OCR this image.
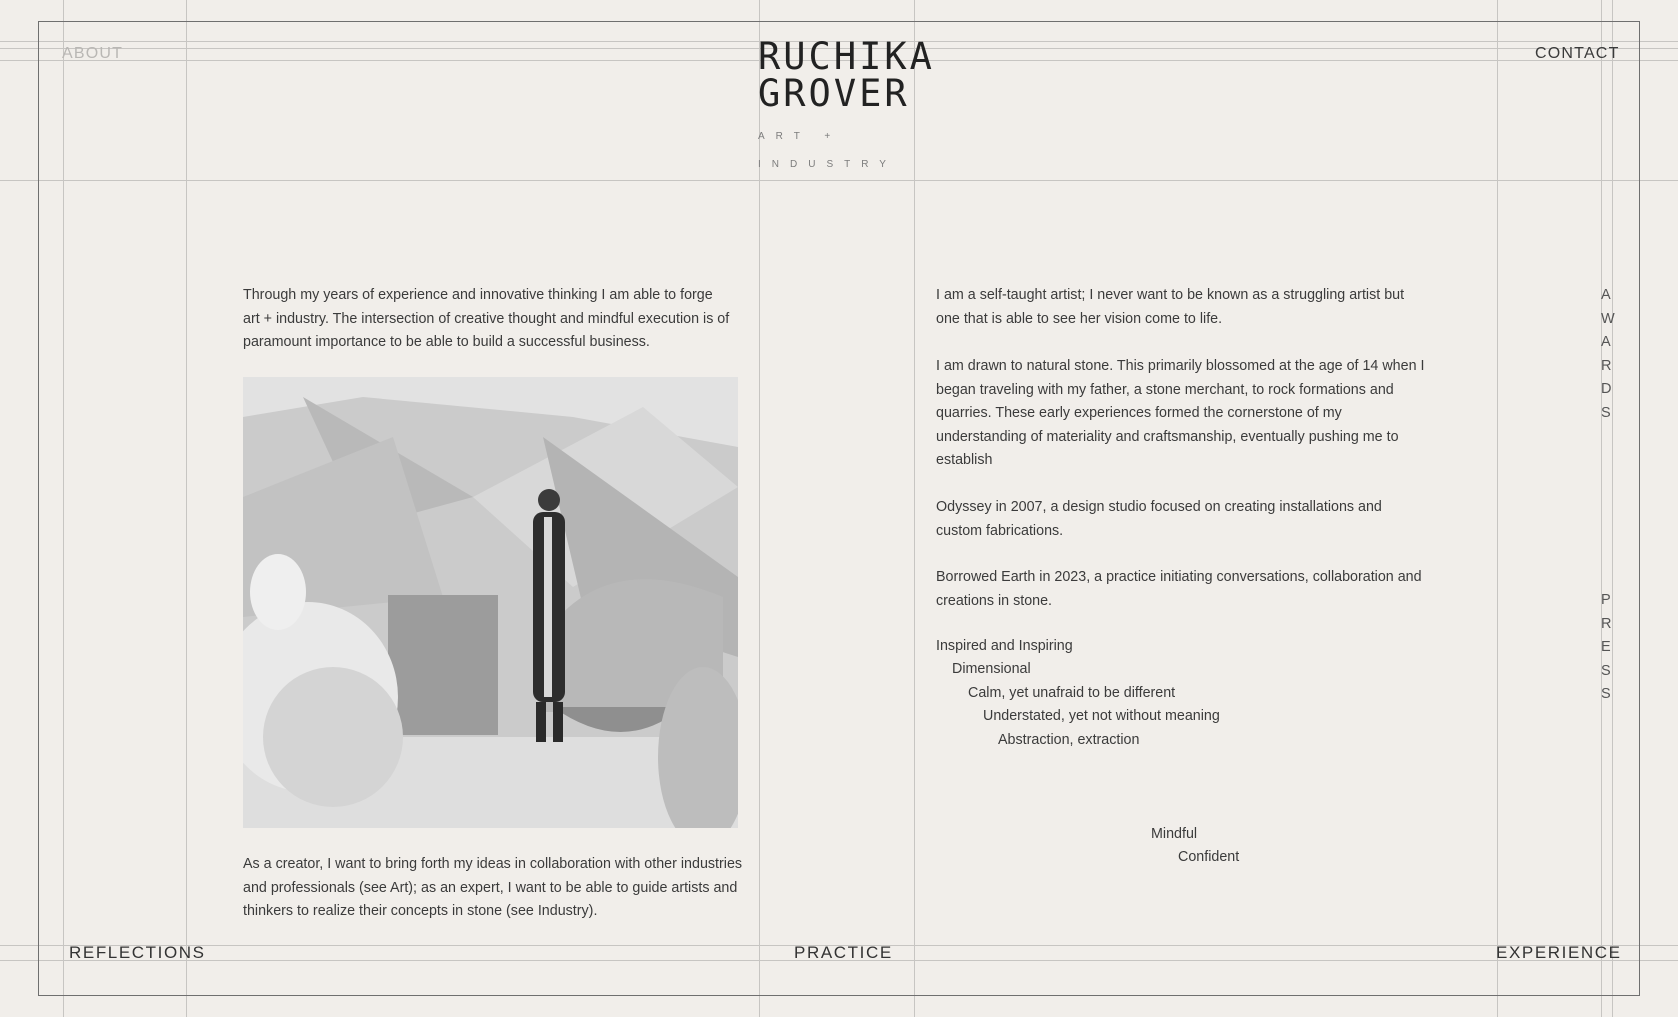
ABOUT	CONTACT
RUCHIKA
GROVER
ART +
INDUSTRY

Through my years of experience and innovative thinking I am able to forge art + industry. The intersection of creative thought and mindful execution is of paramount importance to be able to build a successful business.

As a creator, I want to bring forth my ideas in collaboration with other industries and professionals (see Art); as an expert, I want to be able to guide artists and thinkers to realize their concepts in stone (see Industry).

I am a self-taught artist; I never want to be known as a struggling artist but one that is able to see her vision come to life.

I am drawn to natural stone. This primarily blossomed at the age of 14 when I began traveling with my father, a stone merchant, to rock formations and quarries. These early experiences formed the cornerstone of my understanding of materiality and craftsmanship, eventually pushing me to establish

Odyssey in 2007, a design studio focused on creating installations and custom fabrications.

Borrowed Earth in 2023, a practice initiating conversations, collaboration and creations in stone.

Inspired and Inspiring
Dimensional
Calm, yet unafraid to be different
Understated, yet not without meaning
Abstraction, extraction
Mindful
Confident
A
W
A
R
D
S
P
R
E
S
S
REFLECTIONS	PRACTICE	EXPERIENCE
